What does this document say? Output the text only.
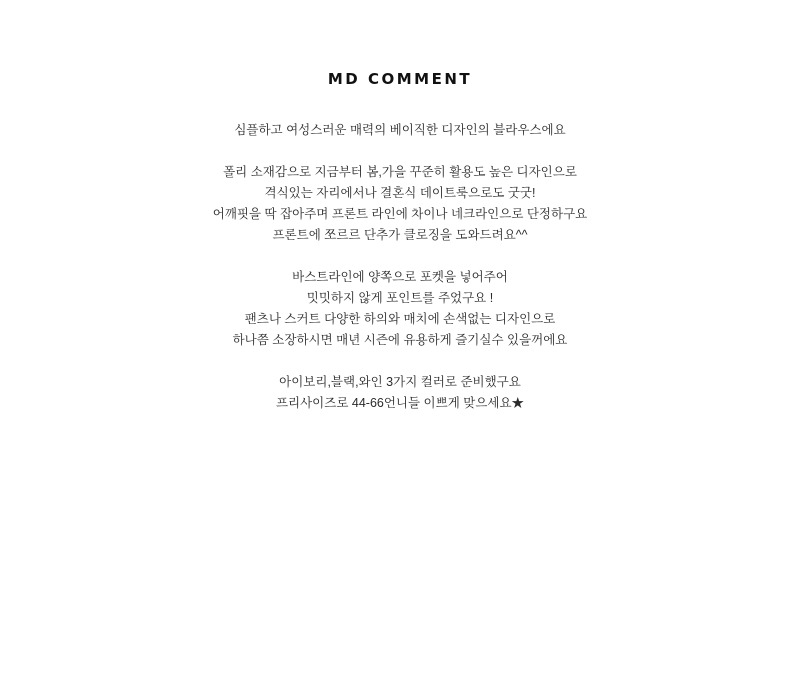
MD COMMENT

심플하고 여성스러운 매력의 베이직한 디자인의 블라우스에요

폴리 소재감으로 지금부터 봄,가을 꾸준히 활용도 높은 디자인으로
격식있는 자리에서나 결혼식 데이트룩으로도 굿굿!
어깨핏을 딱 잡아주며 프론트 라인에 차이나 네크라인으로 단정하구요
프론트에 쪼르르 단추가 클로징을 도와드려요^^

바스트라인에 양쪽으로 포켓을 넣어주어
밋밋하지 않게 포인트를 주었구요 !
팬츠나 스커트 다양한 하의와 매치에 손색없는 디자인으로
하나쯤 소장하시면 매년 시즌에 유용하게 즐기실수 있을꺼에요

아이보리,블랙,와인 3가지 컬러로 준비했구요
프리사이즈로 44-66언니들 이쁘게 맞으세요★
